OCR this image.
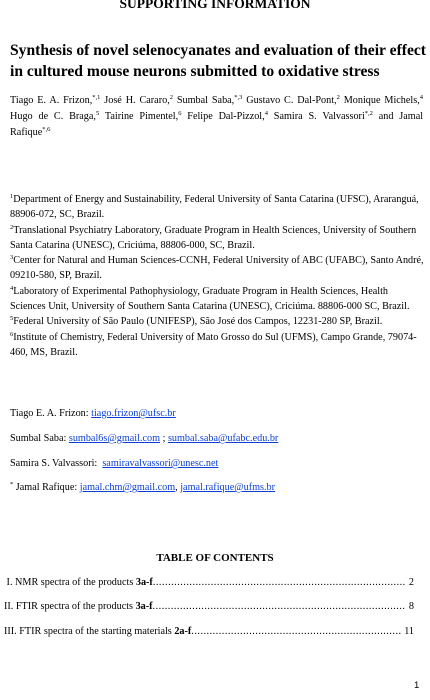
SUPPORTING INFORMATION
Synthesis of novel selenocyanates and evaluation of their effect in cultured mouse neurons submitted to oxidative stress
Tiago E. A. Frizon,$^{*,1}$ José H. Cararo,$^2$ Sumbal Saba,$^{*,3}$ Gustavo C. Dal-Pont,$^2$ Monique Michels,$^4$ Hugo de C. Braga,$^5$ Tairine Pimentel,$^6$ Felipe Dal-Pizzol,$^4$ Samira S. Valvassori$^{*,2}$ and Jamal Rafique$^{*,6}$
$^1$Department of Energy and Sustainability, Federal University of Santa Catarina (UFSC), Araranguá, 88906-072, SC, Brazil.
$^2$Translational Psychiatry Laboratory, Graduate Program in Health Sciences, University of Southern Santa Catarina (UNESC), Criciúma, 88806-000, SC, Brazil.
$^3$Center for Natural and Human Sciences-CCNH, Federal University of ABC (UFABC), Santo André, 09210-580, SP, Brazil.
$^4$Laboratory of Experimental Pathophysiology, Graduate Program in Health Sciences, Health Sciences Unit, University of Southern Santa Catarina (UNESC), Criciúma. 88806-000 SC, Brazil.
$^5$Federal University of São Paulo (UNIFESP), São José dos Campos, 12231-280 SP, Brazil.
$^6$Institute of Chemistry, Federal University of Mato Grosso do Sul (UFMS), Campo Grande, 79074-460, MS, Brazil.
Tiago E. A. Frizon: tiago.frizon@ufsc.br
Sumbal Saba: sumbal6s@gmail.com ; sumbal.saba@ufabc.edu.br
Samira S. Valvassori:  samiravalvassori@unesc.net
* Jamal Rafique: jamal.chm@gmail.com, jamal.rafique@ufms.br
TABLE OF CONTENTS
I. NMR spectra of the products 3a-f .....	2
II. FTIR spectra of the products 3a-f .....	8
III. FTIR spectra of the starting materials 2a-f .....	11
1
